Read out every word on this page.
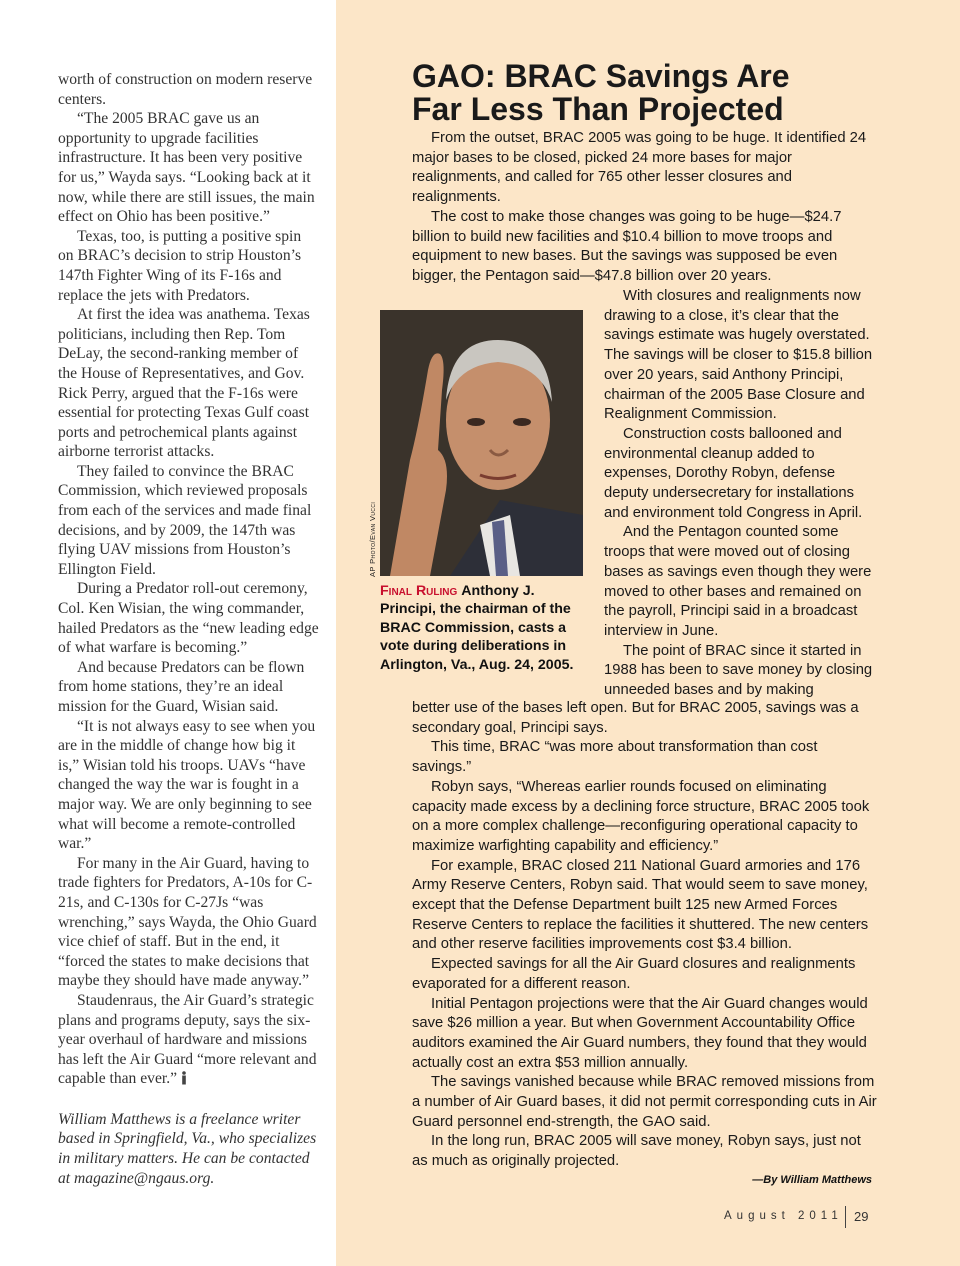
worth of construction on modern reserve centers.

“The 2005 BRAC gave us an opportunity to upgrade facilities infrastructure. It has been very positive for us,” Wayda says. “Looking back at it now, while there are still issues, the main effect on Ohio has been positive.”

Texas, too, is putting a positive spin on BRAC’s decision to strip Houston’s 147th Fighter Wing of its F-16s and replace the jets with Predators.

At first the idea was anathema. Texas politicians, including then Rep. Tom DeLay, the second-ranking member of the House of Representatives, and Gov. Rick Perry, argued that the F-16s were essential for protecting Texas Gulf coast ports and petrochemical plants against airborne terrorist attacks.

They failed to convince the BRAC Commission, which reviewed proposals from each of the services and made final decisions, and by 2009, the 147th was flying UAV missions from Houston’s Ellington Field.

During a Predator roll-out ceremony, Col. Ken Wisian, the wing commander, hailed Predators as the “new leading edge of what warfare is becoming.”

And because Predators can be flown from home stations, they’re an ideal mission for the Guard, Wisian said.

“It is not always easy to see when you are in the middle of change how big it is,” Wisian told his troops. UAVs “have changed the way the war is fought in a major way. We are only beginning to see what will become a remote-controlled war.”

For many in the Air Guard, having to trade fighters for Predators, A-10s for C-21s, and C-130s for C-27Js “was wrenching,” says Wayda, the Ohio Guard vice chief of staff. But in the end, it “forced the states to make decisions that maybe they should have made anyway.”

Staudenraus, the Air Guard’s strategic plans and programs deputy, says the six-year overhaul of hardware and missions has left the Air Guard “more relevant and capable than ever.”

William Matthews is a freelance writer based in Springfield, Va., who specializes in military matters. He can be contacted at magazine@ngaus.org.

GAO: BRAC Savings Are
Far Less Than Projected

From the outset, BRAC 2005 was going to be huge. It identified 24 major bases to be closed, picked 24 more bases for major realignments, and called for 765 other lesser closures and realignments.

The cost to make those changes was going to be huge—$24.7 billion to build new facilities and $10.4 billion to move troops and equipment to new bases. But the savings was supposed be even bigger, the Pentagon said—$47.8 billion over 20 years.

AP Photo/Evan Vucci
Final Ruling Anthony J. Principi, the chairman of the BRAC Commission, casts a vote during deliberations in Arlington, Va., Aug. 24, 2005.

With closures and realignments now drawing to a close, it’s clear that the savings estimate was hugely overstated. The savings will be closer to $15.8 billion over 20 years, said Anthony Principi, chairman of the 2005 Base Closure and Realignment Commission.

Construction costs ballooned and environmental cleanup added to expenses, Dorothy Robyn, defense deputy undersecretary for installations and environment told Congress in April.

And the Pentagon counted some troops that were moved out of closing bases as savings even though they were moved to other bases and remained on the payroll, Principi said in a broadcast interview in June.

The point of BRAC since it started in 1988 has been to save money by closing unneeded bases and by making

better use of the bases left open. But for BRAC 2005, savings was a secondary goal, Principi says.

This time, BRAC “was more about transformation than cost savings.”

Robyn says, “Whereas earlier rounds focused on eliminating capacity made excess by a declining force structure, BRAC 2005 took on a more complex challenge—reconfiguring operational capacity to maximize warfighting capability and efficiency.”

For example, BRAC closed 211 National Guard armories and 176 Army Reserve Centers, Robyn said. That would seem to save money, except that the Defense Department built 125 new Armed Forces Reserve Centers to replace the facilities it shuttered. The new centers and other reserve facilities improvements cost $3.4 billion.

Expected savings for all the Air Guard closures and realignments evaporated for a different reason.

Initial Pentagon projections were that the Air Guard changes would save $26 million a year. But when Government Accountability Office auditors examined the Air Guard numbers, they found that they would actually cost an extra $53 million annually.

The savings vanished because while BRAC removed missions from a number of Air Guard bases, it did not permit corresponding cuts in Air Guard personnel end-strength, the GAO said.

In the long run, BRAC 2005 will save money, Robyn says, just not as much as originally projected.

—By William Matthews
August 2011 29
